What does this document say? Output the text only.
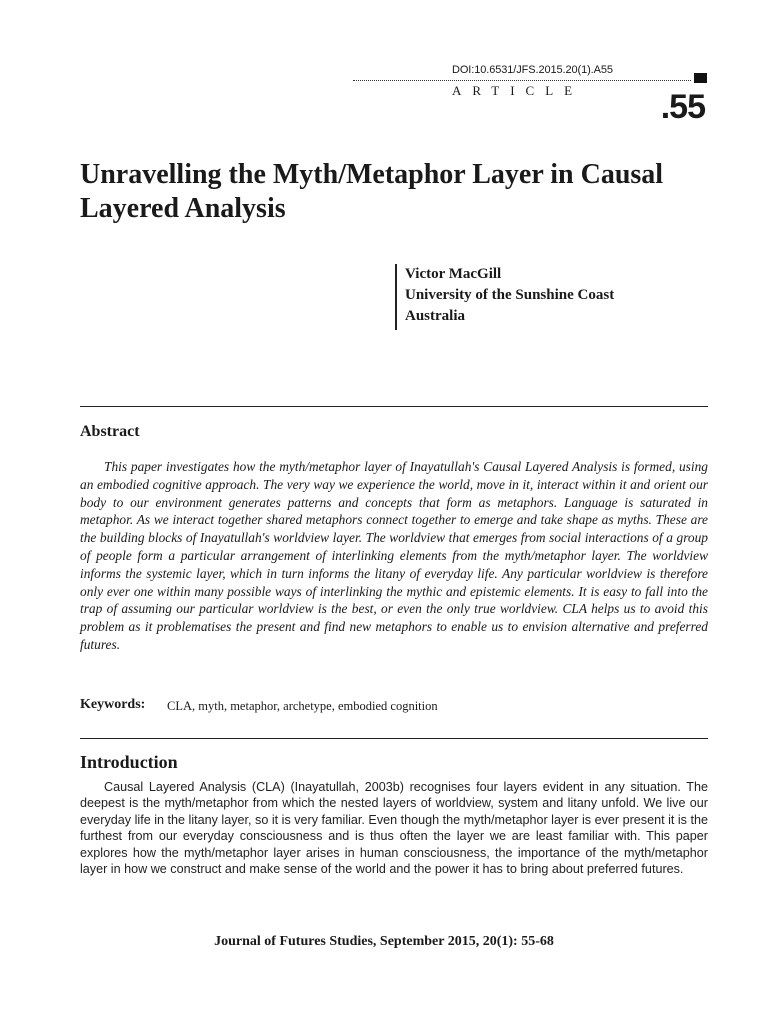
DOI:10.6531/JFS.2015.20(1).A55
ARTICLE	.55
Unravelling the Myth/Metaphor Layer in Causal Layered Analysis
Victor MacGill
University of the Sunshine Coast
Australia
Abstract

This paper investigates how the myth/metaphor layer of Inayatullah's Causal Layered Analysis is formed, using an embodied cognitive approach. The very way we experience the world, move in it, interact within it and orient our body to our environment generates patterns and concepts that form as metaphors. Language is saturated in metaphor. As we interact together shared metaphors connect together to emerge and take shape as myths. These are the building blocks of Inayatullah's worldview layer. The worldview that emerges from social interactions of a group of people form a particular arrangement of interlinking elements from the myth/metaphor layer. The worldview informs the systemic layer, which in turn informs the litany of everyday life. Any particular worldview is therefore only ever one within many possible ways of interlinking the mythic and epistemic elements. It is easy to fall into the trap of assuming our particular worldview is the best, or even the only true worldview. CLA helps us to avoid this problem as it problematises the present and find new metaphors to enable us to envision alternative and preferred futures.

Keywords: CLA, myth, metaphor, archetype, embodied cognition
Introduction

Causal Layered Analysis (CLA) (Inayatullah, 2003b) recognises four layers evident in any situation. The deepest is the myth/metaphor from which the nested layers of worldview, system and litany unfold. We live our everyday life in the litany layer, so it is very familiar. Even though the myth/metaphor layer is ever present it is the furthest from our everyday consciousness and is thus often the layer we are least familiar with. This paper explores how the myth/metaphor layer arises in human consciousness, the importance of the myth/metaphor layer in how we construct and make sense of the world and the power it has to bring about preferred futures.

Journal of Futures Studies, September 2015, 20(1): 55-68
